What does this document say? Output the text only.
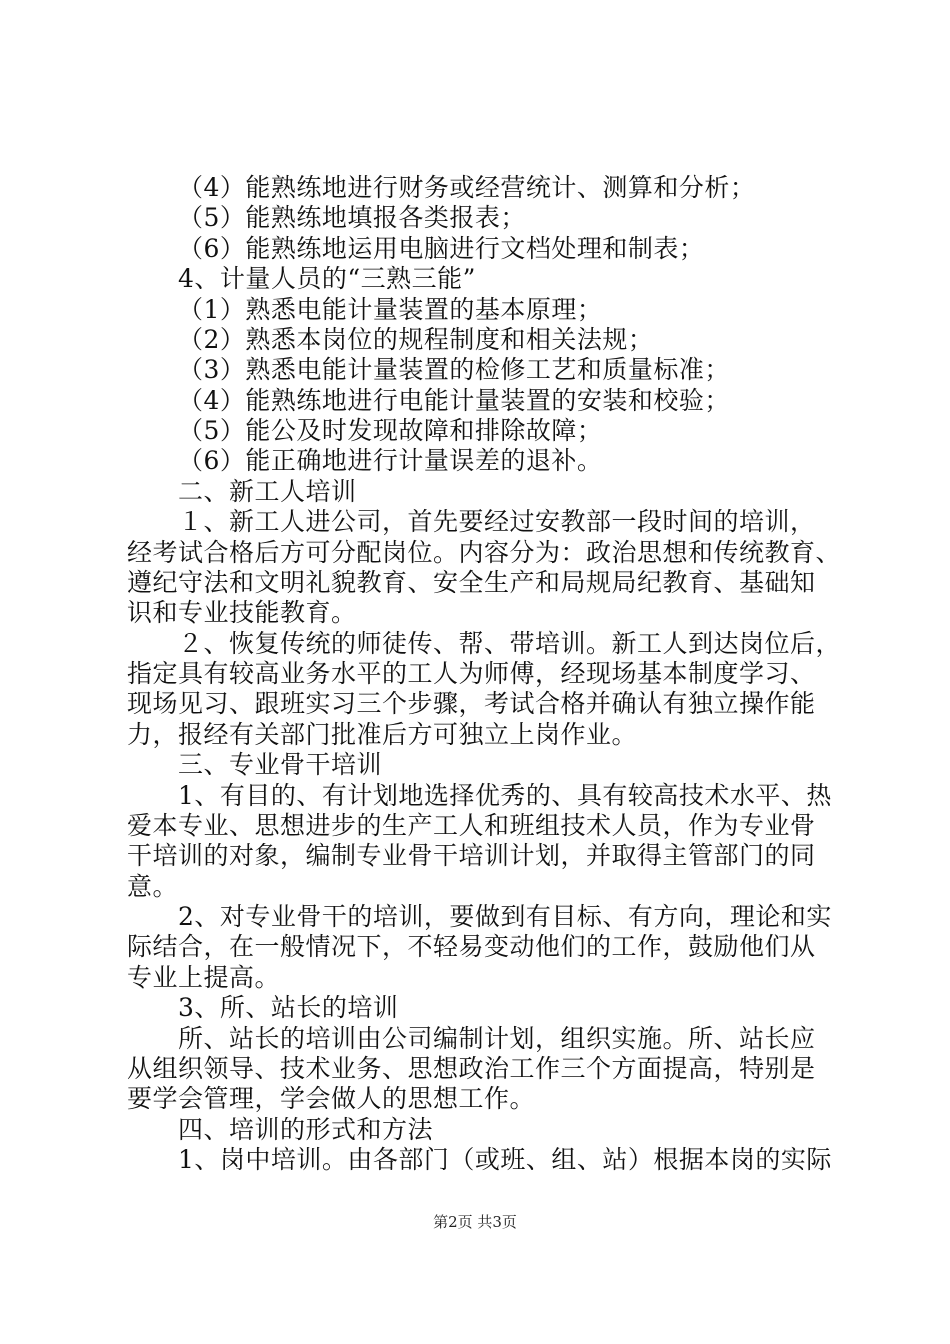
（4）能熟练地进行财务或经营统计、测算和分析；
（5）能熟练地填报各类报表；
（6）能熟练地运用电脑进行文档处理和制表；
4、计量人员的“三熟三能”
（1）熟悉电能计量装置的基本原理；
（2）熟悉本岗位的规程制度和相关法规；
（3）熟悉电能计量装置的检修工艺和质量标准；
（4）能熟练地进行电能计量装置的安装和校验；
（5）能公及时发现故障和排除故障；
（6）能正确地进行计量误差的退补。
二、新工人培训
１、新工人进公司，首先要经过安教部一段时间的培训，
经考试合格后方可分配岗位。内容分为：政治思想和传统教育、
遵纪守法和文明礼貌教育、安全生产和局规局纪教育、基础知
识和专业技能教育。
２、恢复传统的师徒传、帮、带培训。新工人到达岗位后，
指定具有较高业务水平的工人为师傅，经现场基本制度学习、
现场见习、跟班实习三个步骤，考试合格并确认有独立操作能
力，报经有关部门批准后方可独立上岗作业。
三、专业骨干培训
1、有目的、有计划地选择优秀的、具有较高技术水平、热
爱本专业、思想进步的生产工人和班组技术人员，作为专业骨
干培训的对象，编制专业骨干培训计划，并取得主管部门的同
意。
2、对专业骨干的培训，要做到有目标、有方向，理论和实
际结合，在一般情况下，不轻易变动他们的工作，鼓励他们从
专业上提高。
3、所、站长的培训
所、站长的培训由公司编制计划，组织实施。所、站长应
从组织领导、技术业务、思想政治工作三个方面提高，特别是
要学会管理，学会做人的思想工作。
四、培训的形式和方法
1、岗中培训。由各部门（或班、组、站）根据本岗的实际
第2页 共3页
